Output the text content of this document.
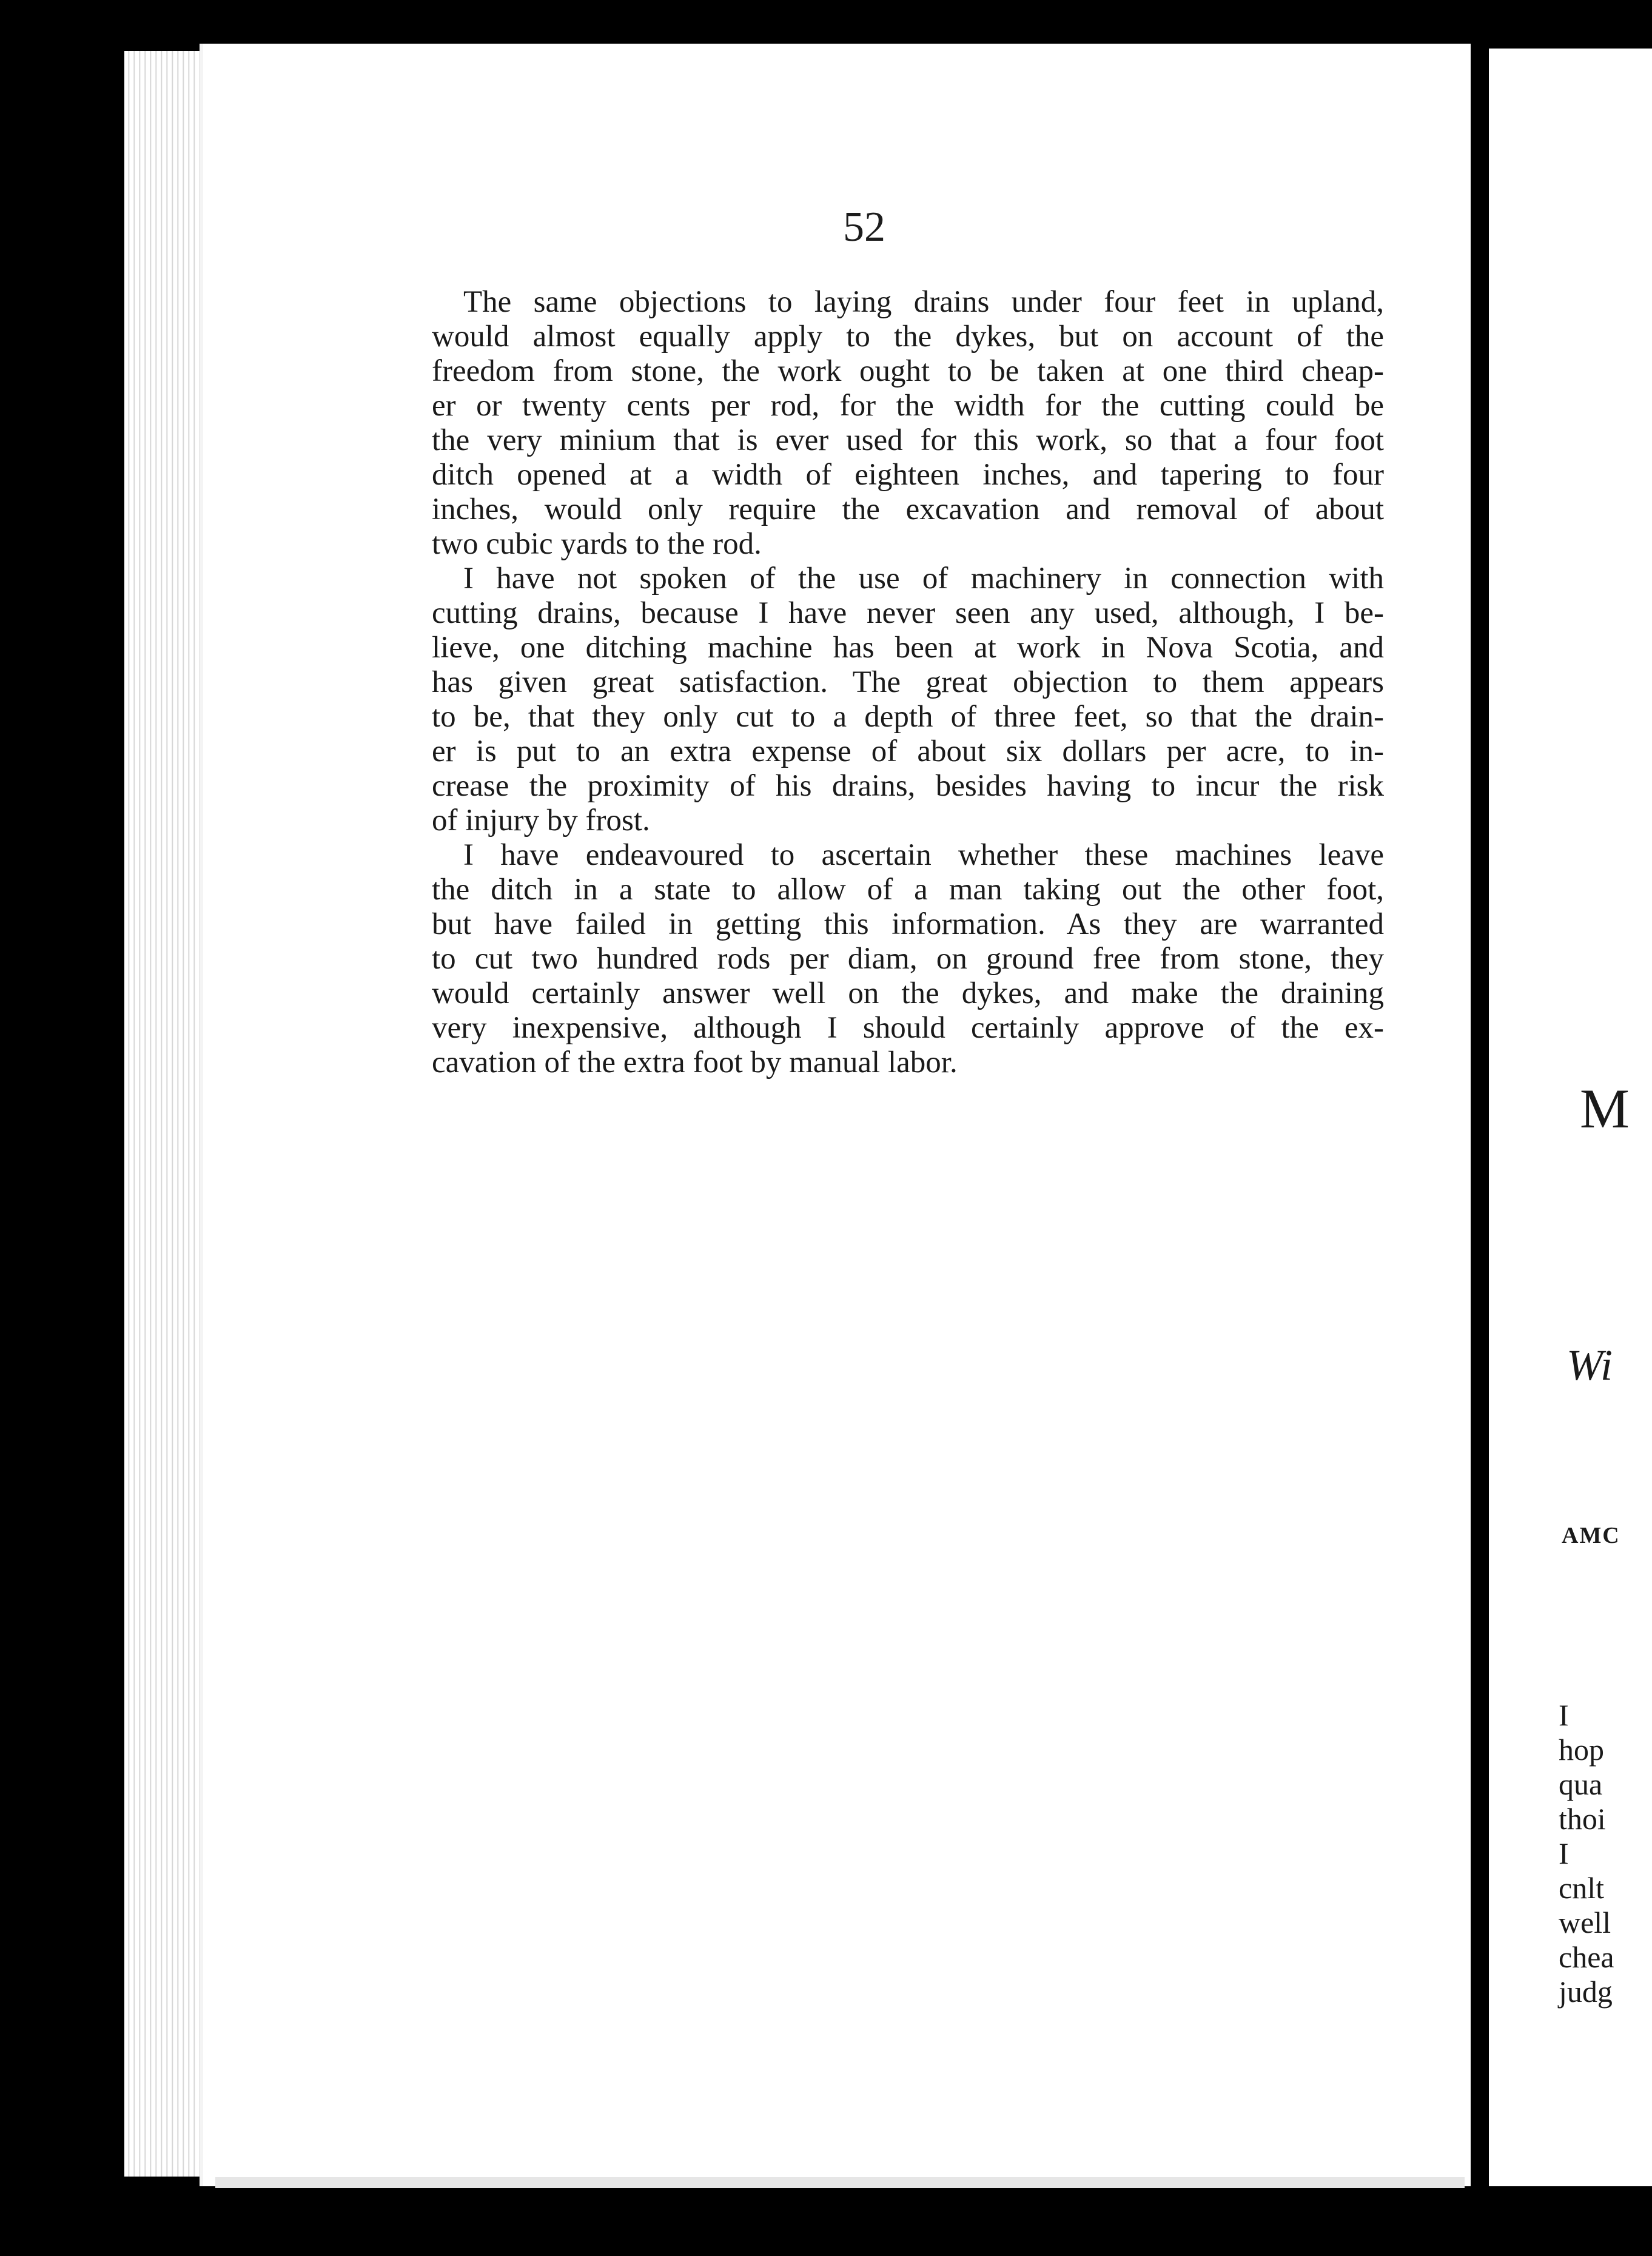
52

The same objections to laying drains under four feet in upland,
would almost equally apply to the dykes, but on account of the
freedom from stone, the work ought to be taken at one third cheap-
er or twenty cents per rod, for the width for the cutting could be
the very minium that is ever used for this work, so that a four foot
ditch opened at a width of eighteen inches, and tapering to four
inches, would only require the excavation and removal of about
two cubic yards to the rod.

I have not spoken of the use of machinery in connection with
cutting drains, because I have never seen any used, although, I be-
lieve, one ditching machine has been at work in Nova Scotia, and
has given great satisfaction. The great objection to them appears
to be, that they only cut to a depth of three feet, so that the drain-
er is put to an extra expense of about six dollars per acre, to in-
crease the proximity of his drains, besides having to incur the risk
of injury by frost.

I have endeavoured to ascertain whether these machines leave
the ditch in a state to allow of a man taking out the other foot,
but have failed in getting this information. As they are warranted
to cut two hundred rods per diam, on ground free from stone, they
would certainly answer well on the dykes, and make the draining
very inexpensive, although I should certainly approve of the ex-
cavation of the extra foot by manual labor.

M

Wi

AMC

I
hop
qua
thoi
I
cnlt
well
chea
judg
